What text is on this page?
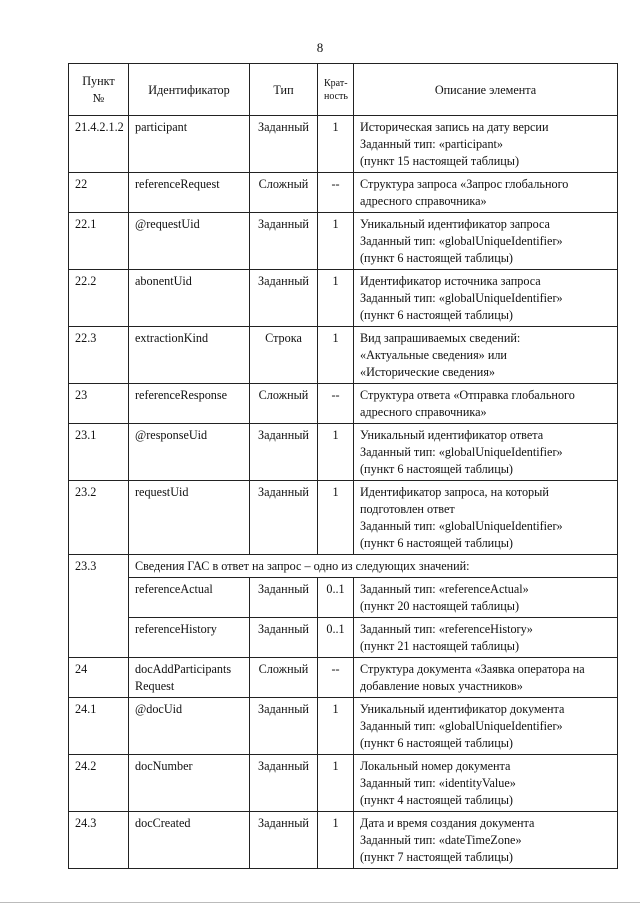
8
Пункт №	Идентификатор	Тип	Крат-ность	Описание элемента
21.4.2.1.2	participant	Заданный	1	Историческая запись на дату версии
Заданный тип: «participant»
(пункт 15 настоящей таблицы)

22	referenceRequest	Сложный	--	Структура запроса «Запрос глобального
адресного справочника»

22.1	@requestUid	Заданный	1	Уникальный идентификатор запроса
Заданный тип: «globalUniqueIdentifier»
(пункт 6 настоящей таблицы)

22.2	abonentUid	Заданный	1	Идентификатор источника запроса
Заданный тип: «globalUniqueIdentifier»
(пункт 6 настоящей таблицы)

22.3	extractionKind	Строка	1	Вид запрашиваемых сведений:
«Актуальные сведения» или
«Исторические сведения»

23	referenceResponse	Сложный	--	Структура ответа «Отправка глобального
адресного справочника»

23.1	@responseUid	Заданный	1	Уникальный идентификатор ответа
Заданный тип: «globalUniqueIdentifier»
(пункт 6 настоящей таблицы)

23.2	requestUid	Заданный	1	Идентификатор запроса, на который
подготовлен ответ
Заданный тип: «globalUniqueIdentifier»
(пункт 6 настоящей таблицы)

23.3	Сведения ГАС в ответ на запрос – одно из следующих значений:			
	referenceActual	Заданный	0..1	Заданный тип: «referenceActual»
(пункт 20 настоящей таблицы)

	referenceHistory	Заданный	0..1	Заданный тип: «referenceHistory»
(пункт 21 настоящей таблицы)

24	docAddParticipants Request	Сложный	--	Структура документа «Заявка оператора на
добавление новых участников»

24.1	@docUid	Заданный	1	Уникальный идентификатор документа
Заданный тип: «globalUniqueIdentifier»
(пункт 6 настоящей таблицы)

24.2	docNumber	Заданный	1	Локальный номер документа
Заданный тип: «identityValue»
(пункт 4 настоящей таблицы)

24.3	docCreated	Заданный	1	Дата и время создания документа
Заданный тип: «dateTimeZone»
(пункт 7 настоящей таблицы)
